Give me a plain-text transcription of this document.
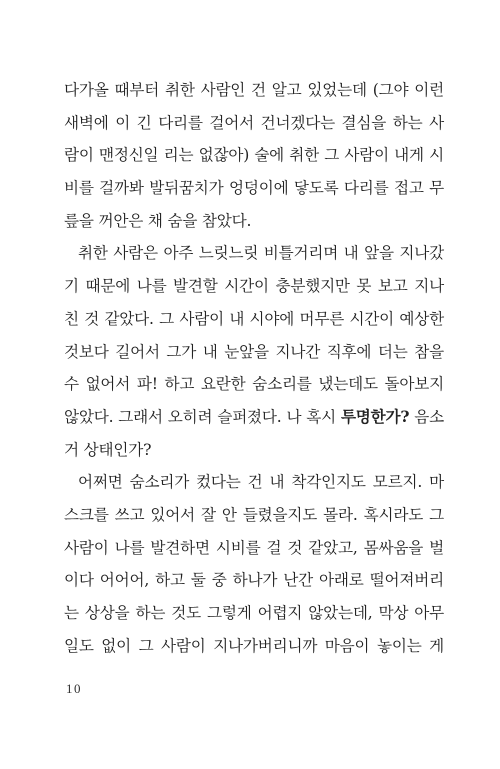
다가올 때부터 취한 사람인 건 알고 있었는데 (그야 이런
새벽에 이 긴 다리를 걸어서 건너겠다는 결심을 하는 사
람이 맨정신일 리는 없잖아) 술에 취한 그 사람이 내게 시
비를 걸까봐 발뒤꿈치가 엉덩이에 닿도록 다리를 접고 무
릎을 꺼안은 채 숨을 참았다.
취한 사람은 아주 느릿느릿 비틀거리며 내 앞을 지나갔
기 때문에 나를 발견할 시간이 충분했지만 못 보고 지나
친 것 같았다. 그 사람이 내 시야에 머무른 시간이 예상한
것보다 길어서 그가 내 눈앞을 지나간 직후에 더는 참을
수 없어서 파! 하고 요란한 숨소리를 냈는데도 돌아보지
않았다. 그래서 오히려 슬퍼졌다. 나 혹시 투명한가? 음소
거 상태인가?
어쩌면 숨소리가 컸다는 건 내 착각인지도 모르지. 마
스크를 쓰고 있어서 잘 안 들렸을지도 몰라. 혹시라도 그
사람이 나를 발견하면 시비를 걸 것 같았고, 몸싸움을 벌
이다 어어어, 하고 둘 중 하나가 난간 아래로 떨어져버리
는 상상을 하는 것도 그렇게 어렵지 않았는데, 막상 아무
일도 없이 그 사람이 지나가버리니까 마음이 놓이는 게
10
